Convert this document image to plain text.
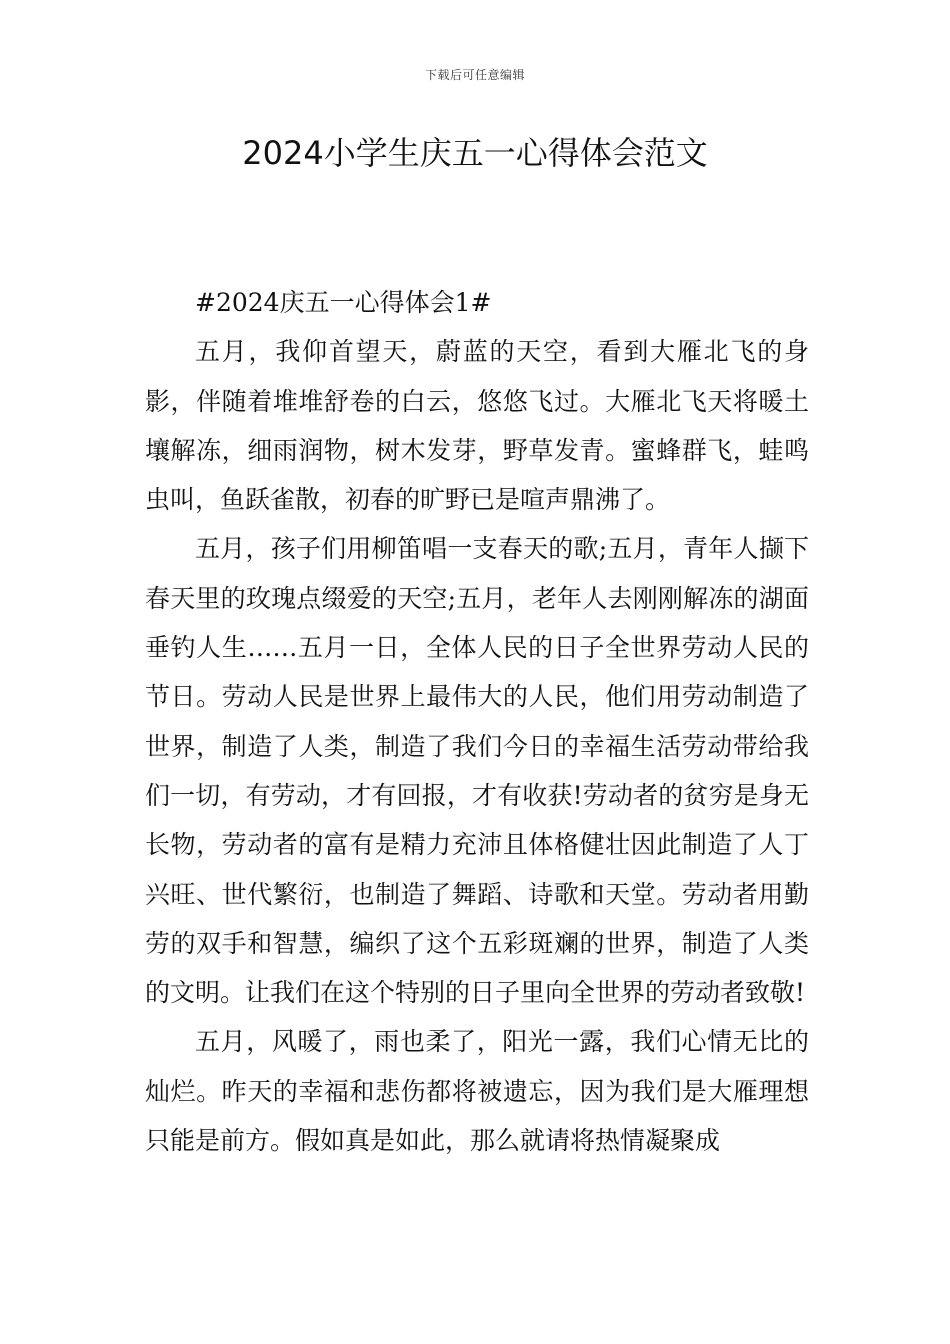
下载后可任意编辑
2024小学生庆五一心得体会范文

#2024庆五一心得体会1#

五月，我仰首望天，蔚蓝的天空，看到大雁北飞的身影，伴随着堆堆舒卷的白云，悠悠飞过。大雁北飞天将暖土壤解冻，细雨润物，树木发芽，野草发青。蜜蜂群飞，蛙鸣虫叫，鱼跃雀散，初春的旷野已是喧声鼎沸了。

五月，孩子们用柳笛唱一支春天的歌;五月，青年人撷下春天里的玫瑰点缀爱的天空;五月，老年人去刚刚解冻的湖面垂钓人生……五月一日，全体人民的日子全世界劳动人民的节日。劳动人民是世界上最伟大的人民，他们用劳动制造了世界，制造了人类，制造了我们今日的幸福生活劳动带给我们一切，有劳动，才有回报，才有收获!劳动者的贫穷是身无长物，劳动者的富有是精力充沛且体格健壮因此制造了人丁兴旺、世代繁衍，也制造了舞蹈、诗歌和天堂。劳动者用勤劳的双手和智慧，编织了这个五彩斑斓的世界，制造了人类的文明。让我们在这个特别的日子里向全世界的劳动者致敬!

五月，风暖了，雨也柔了，阳光一露，我们心情无比的灿烂。昨天的幸福和悲伤都将被遗忘，因为我们是大雁理想只能是前方。假如真是如此，那么就请将热情凝聚成
